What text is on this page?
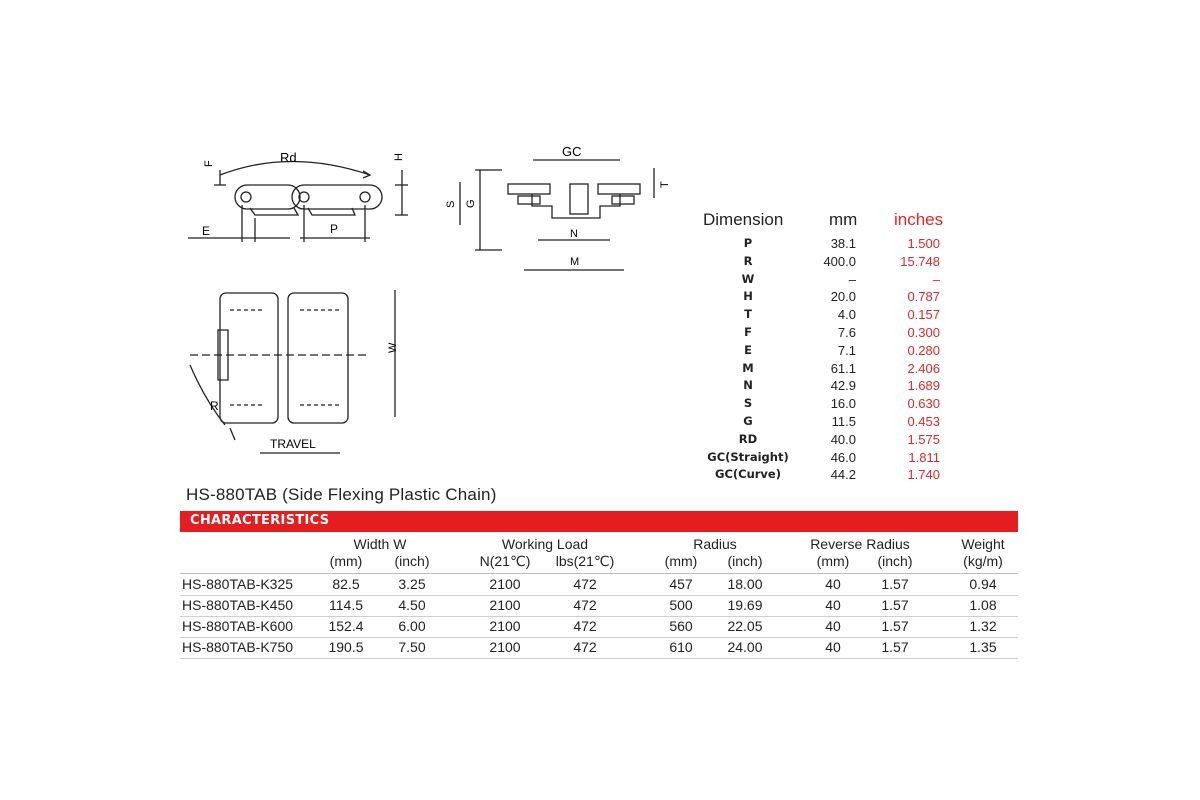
F	Rd	H
E	P
GC
S G
T
N
M
W
R
TRAVEL
Dimension	mm inches
P	38.1	1.500
R	400.0	15.748
W	–	–
H	20.0	0.787
T	4.0	0.157
F	7.6	0.300
E	7.1	0.280
M	61.1	2.406
N	42.9	1.689
S	16.0	0.630
G	11.5	0.453
RD	40.0	1.575
GC(Straight)	46.0	1.811
GC(Curve)	44.2	1.740
HS-880TAB (Side Flexing Plastic Chain)
CHARACTERISTICS
Width W	Working Load	Radius	Reverse Radius	Weight
(mm)	(inch)	N(21℃)	lbs(21℃)	(mm)	(inch)	(mm)	(inch)	(kg/m)
HS-880TAB-K325	82.5	3.25	2100	472	457	18.00	40	1.57	0.94
HS-880TAB-K450	114.5	4.50	2100	472	500	19.69	40	1.57	1.08
HS-880TAB-K600	152.4	6.00	2100	472	560	22.05	40	1.57	1.32
HS-880TAB-K750	190.5	7.50	2100	472	610	24.00	40	1.57	1.35
